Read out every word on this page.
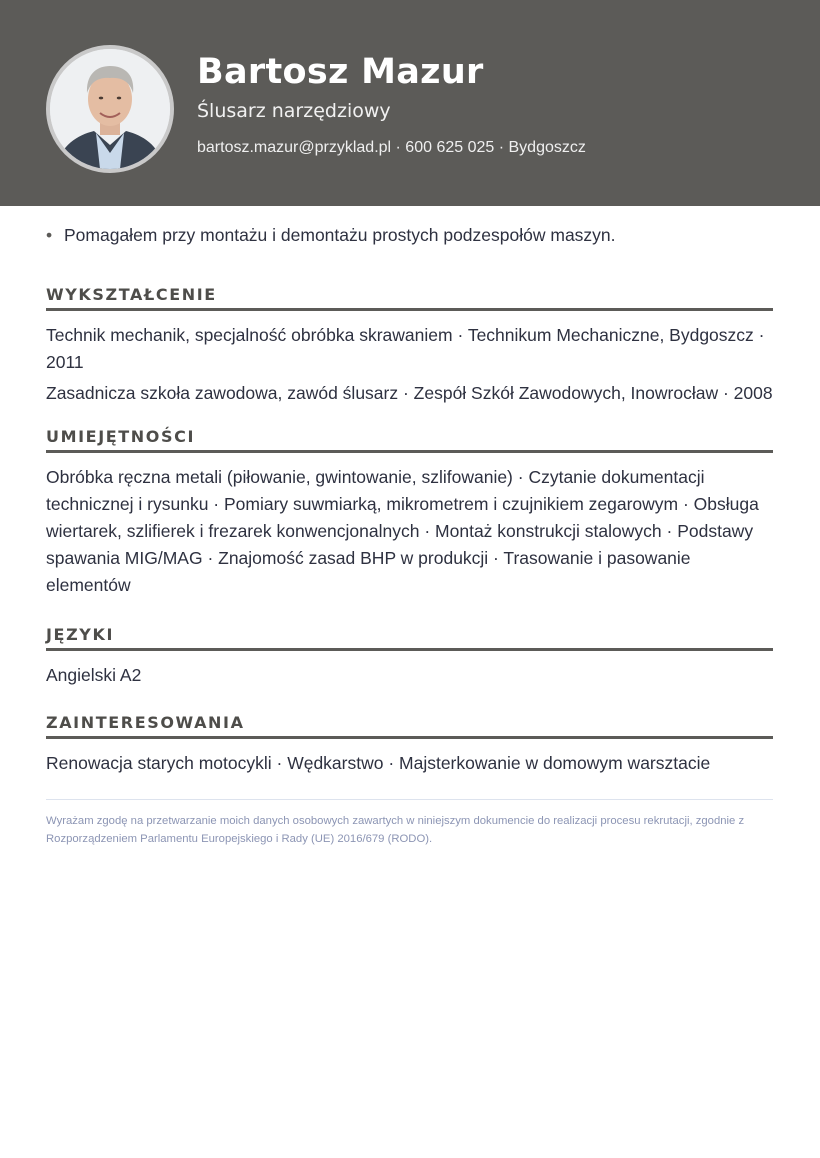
Bartosz Mazur
Ślusarz narzędziowy
bartosz.mazur@przyklad.pl · 600 625 025 · Bydgoszcz
• Pomagałem przy montażu i demontażu prostych podzespołów maszyn.
WYKSZTAŁCENIE

Technik mechanik, specjalność obróbka skrawaniem · Technikum Mechaniczne, Bydgoszcz · 2011

Zasadnicza szkoła zawodowa, zawód ślusarz · Zespół Szkół Zawodowych, Inowrocław · 2008

UMIEJĘTNOŚCI
Obróbka ręczna metali (piłowanie, gwintowanie, szlifowanie) · Czytanie dokumentacji technicznej i rysunku · Pomiary suwmiarką, mikrometrem i czujnikiem zegarowym · Obsługa wiertarek, szlifierek i frezarek konwencjonalnych · Montaż konstrukcji stalowych · Podstawy spawania MIG/MAG · Znajomość zasad BHP w produkcji · Trasowanie i pasowanie elementów
JĘZYKI
Angielski A2
ZAINTERESOWANIA
Renowacja starych motocykli · Wędkarstwo · Majsterkowanie w domowym warsztacie
Wyrażam zgodę na przetwarzanie moich danych osobowych zawartych w niniejszym dokumencie do realizacji procesu rekrutacji, zgodnie z Rozporządzeniem Parlamentu Europejskiego i Rady (UE) 2016/679 (RODO).
